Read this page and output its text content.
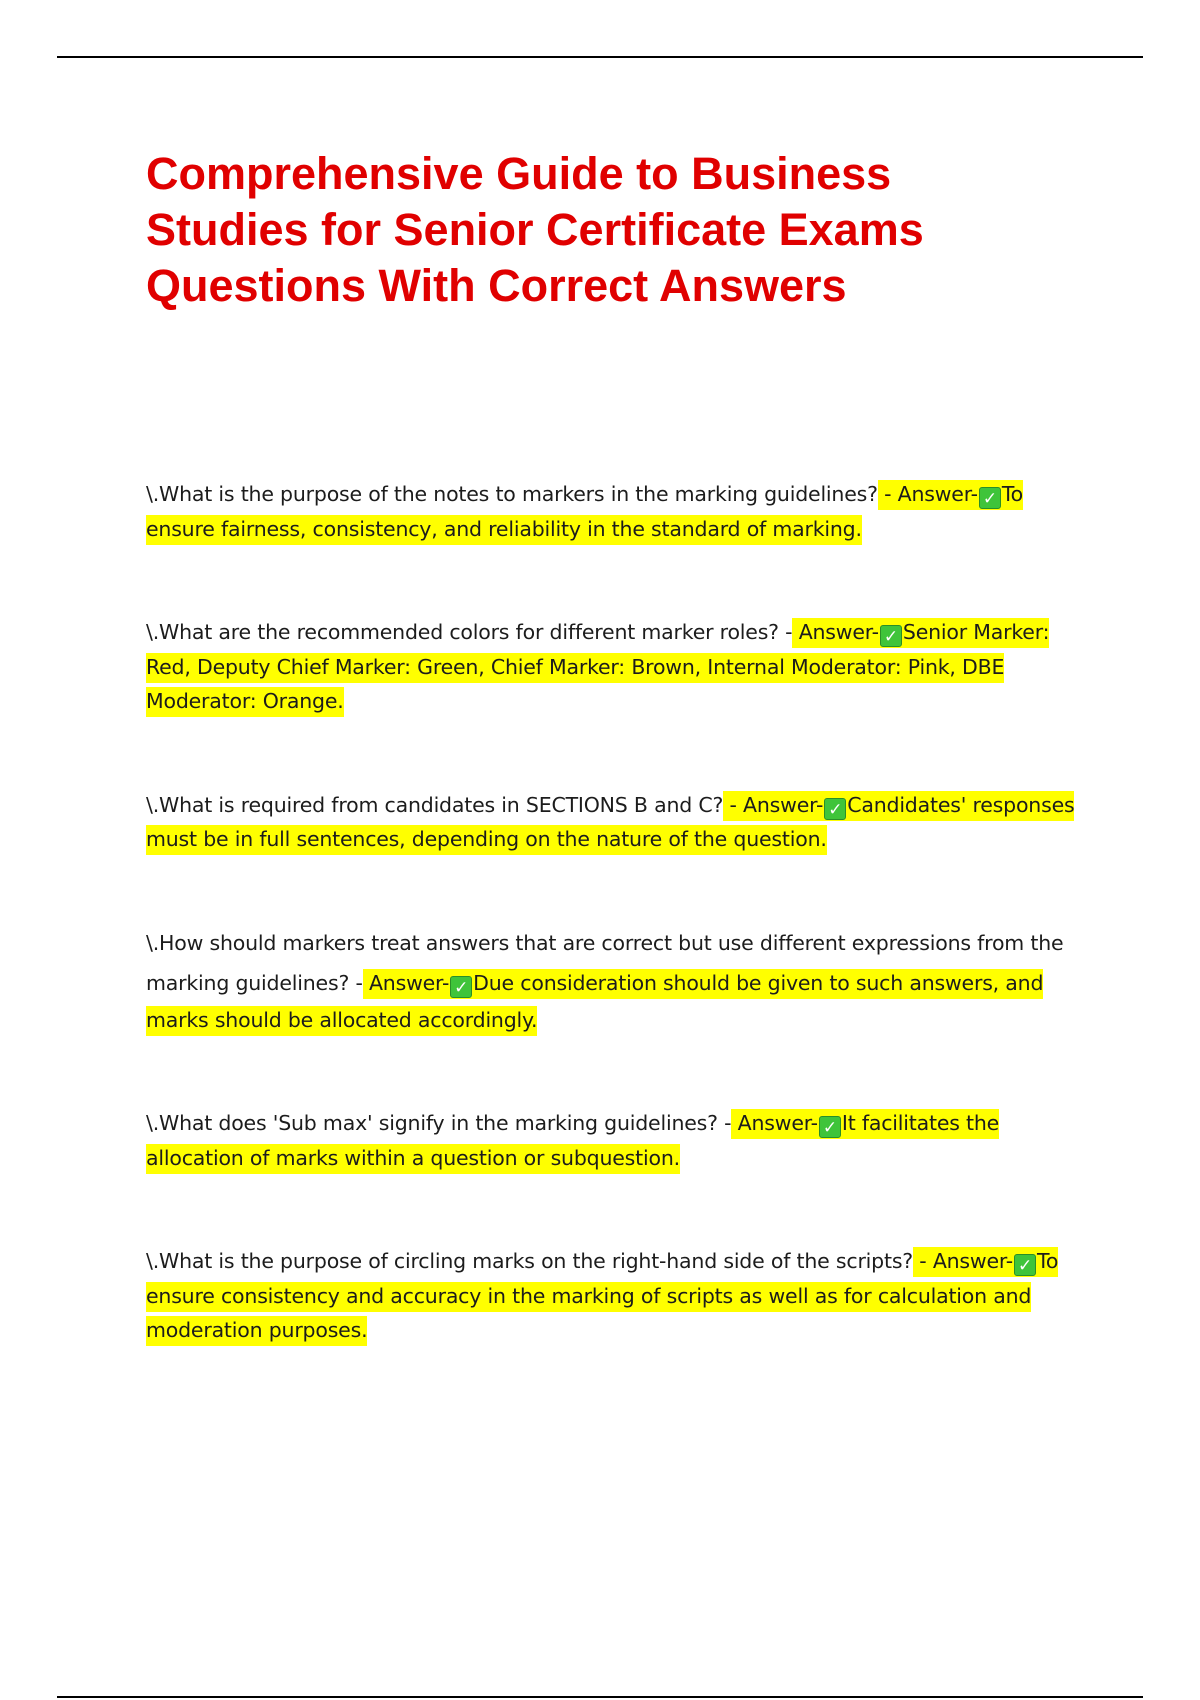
Comprehensive Guide to Business Studies for Senior Certificate Exams Questions With Correct Answers

\.What is the purpose of the notes to markers in the marking guidelines? - Answer- ✓ To ensure fairness, consistency, and reliability in the standard of marking.

\.What are the recommended colors for different marker roles? - Answer- ✓ Senior Marker: Red, Deputy Chief Marker: Green, Chief Marker: Brown, Internal Moderator: Pink, DBE Moderator: Orange.

\.What is required from candidates in SECTIONS B and C? - Answer- ✓ Candidates' responses must be in full sentences, depending on the nature of the question.

\.How should markers treat answers that are correct but use different expressions from the marking guidelines? - Answer- ✓ Due consideration should be given to such answers, and marks should be allocated accordingly.

\.What does 'Sub max' signify in the marking guidelines? - Answer- ✓ It facilitates the allocation of marks within a question or subquestion.

\.What is the purpose of circling marks on the right-hand side of the scripts? - Answer- ✓ To ensure consistency and accuracy in the marking of scripts as well as for calculation and moderation purposes.
